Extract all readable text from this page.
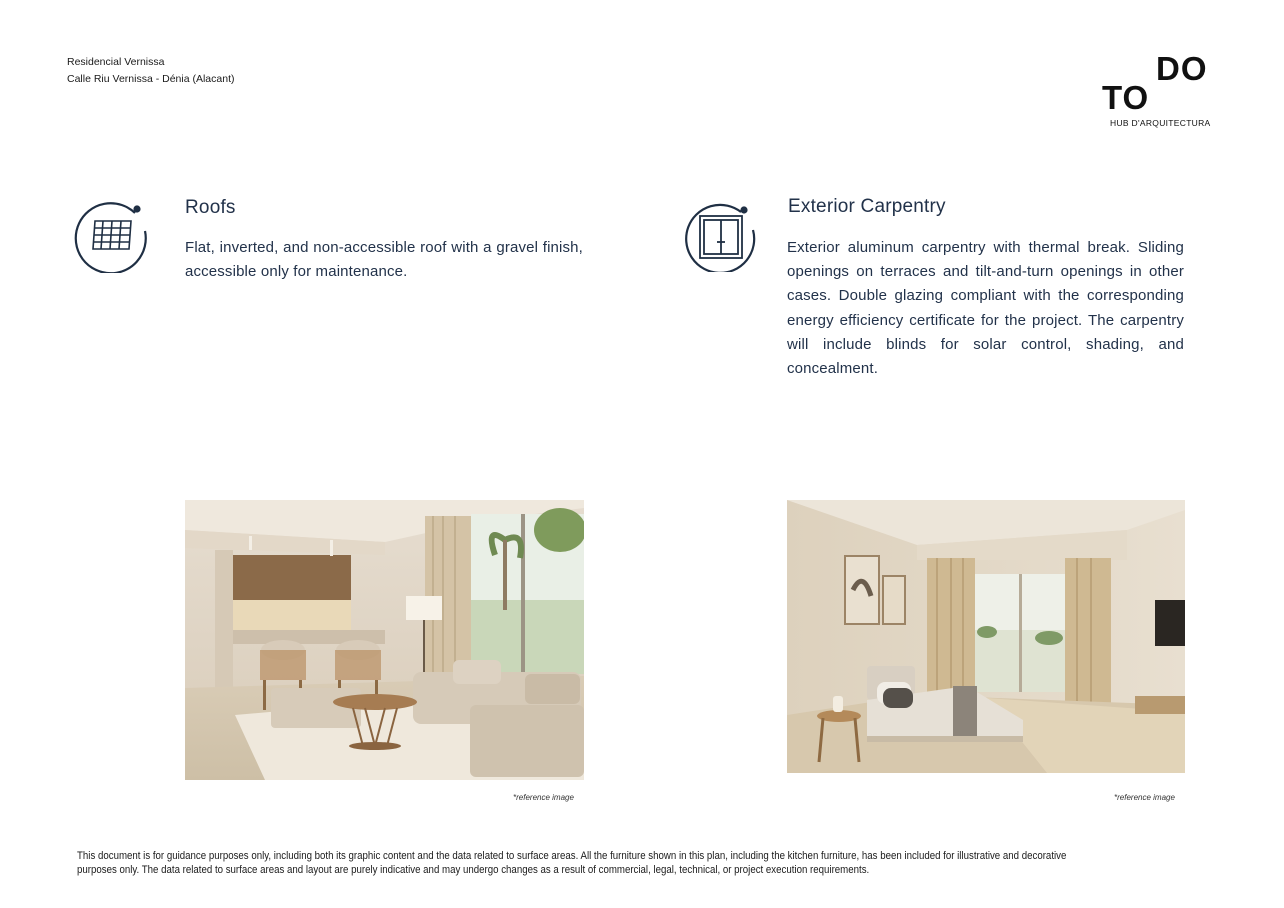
Residencial Vernissa
Calle Riu Vernissa - Dénia (Alacant)	DO
TO
HUB D'ARQUITECTURA
Roofs
Flat, inverted, and non-accessible roof with a gravel finish, accessible only for maintenance.
Exterior Carpentry
Exterior aluminum carpentry with thermal break. Sliding openings on terraces and tilt-and-turn openings in other cases. Double glazing compliant with the corresponding energy efficiency certificate for the project. The carpentry will include blinds for solar control, shading, and concealment.
*reference image	*reference image
This document is for guidance purposes only, including both its graphic content and the data related to surface areas. All the furniture shown in this plan, including the kitchen furniture, has been included for illustrative and decorative purposes only. The data related to surface areas and layout are purely indicative and may undergo changes as a result of commercial, legal, technical, or project execution requirements.
